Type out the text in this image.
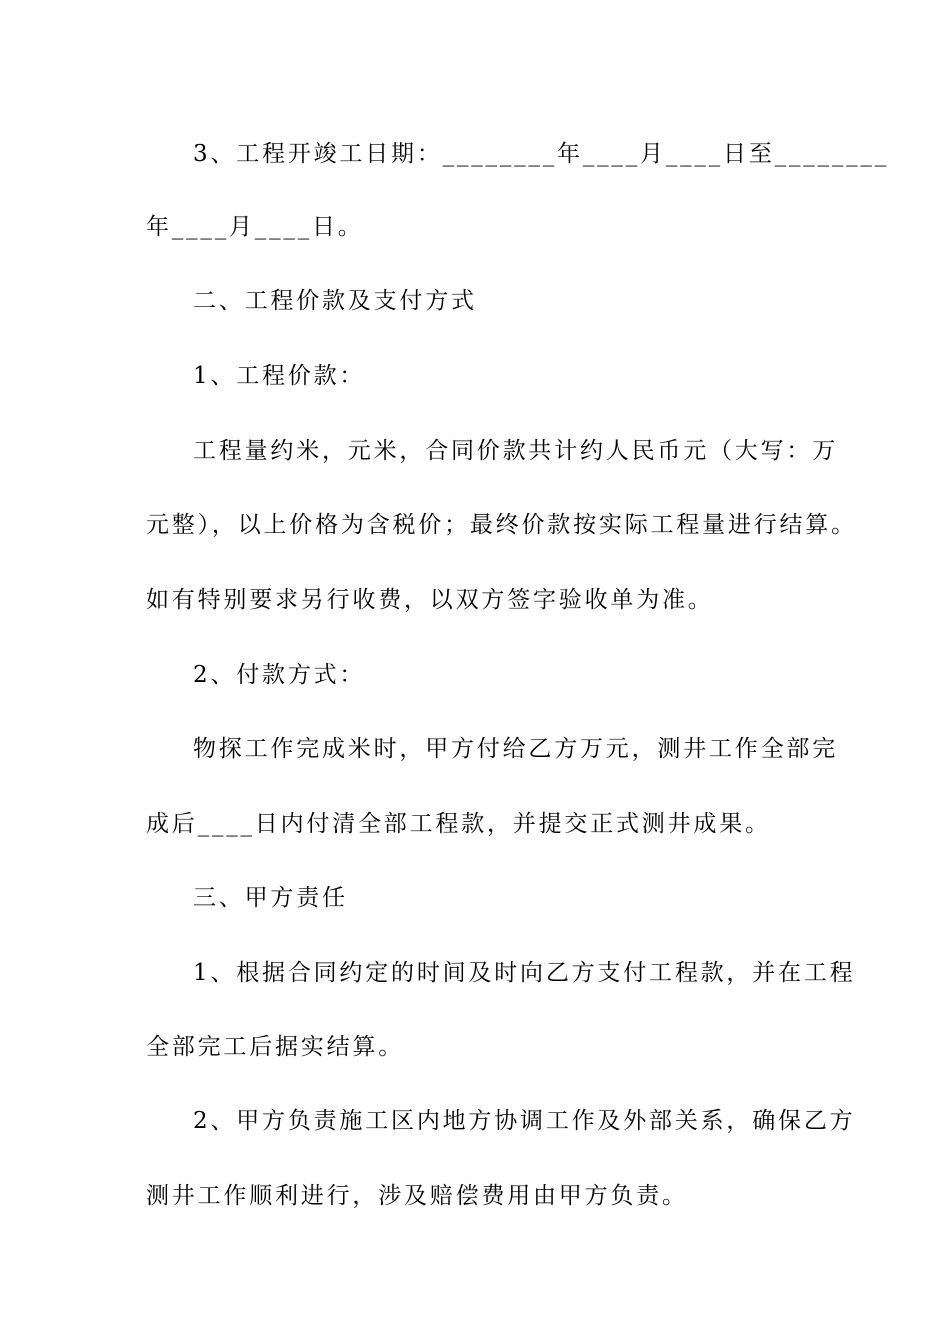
3、工程开竣工日期：________年____月____日至________
年____月____日。
二、工程价款及支付方式
1、工程价款：
工程量约米，元米，合同价款共计约人民币元（大写：万
元整），以上价格为含税价；最终价款按实际工程量进行结算。
如有特别要求另行收费，以双方签字验收单为准。
2、付款方式：
物探工作完成米时，甲方付给乙方万元，测井工作全部完
成后____日内付清全部工程款，并提交正式测井成果。
三、甲方责任
1、根据合同约定的时间及时向乙方支付工程款，并在工程
全部完工后据实结算。
2、甲方负责施工区内地方协调工作及外部关系，确保乙方
测井工作顺利进行，涉及赔偿费用由甲方负责。
